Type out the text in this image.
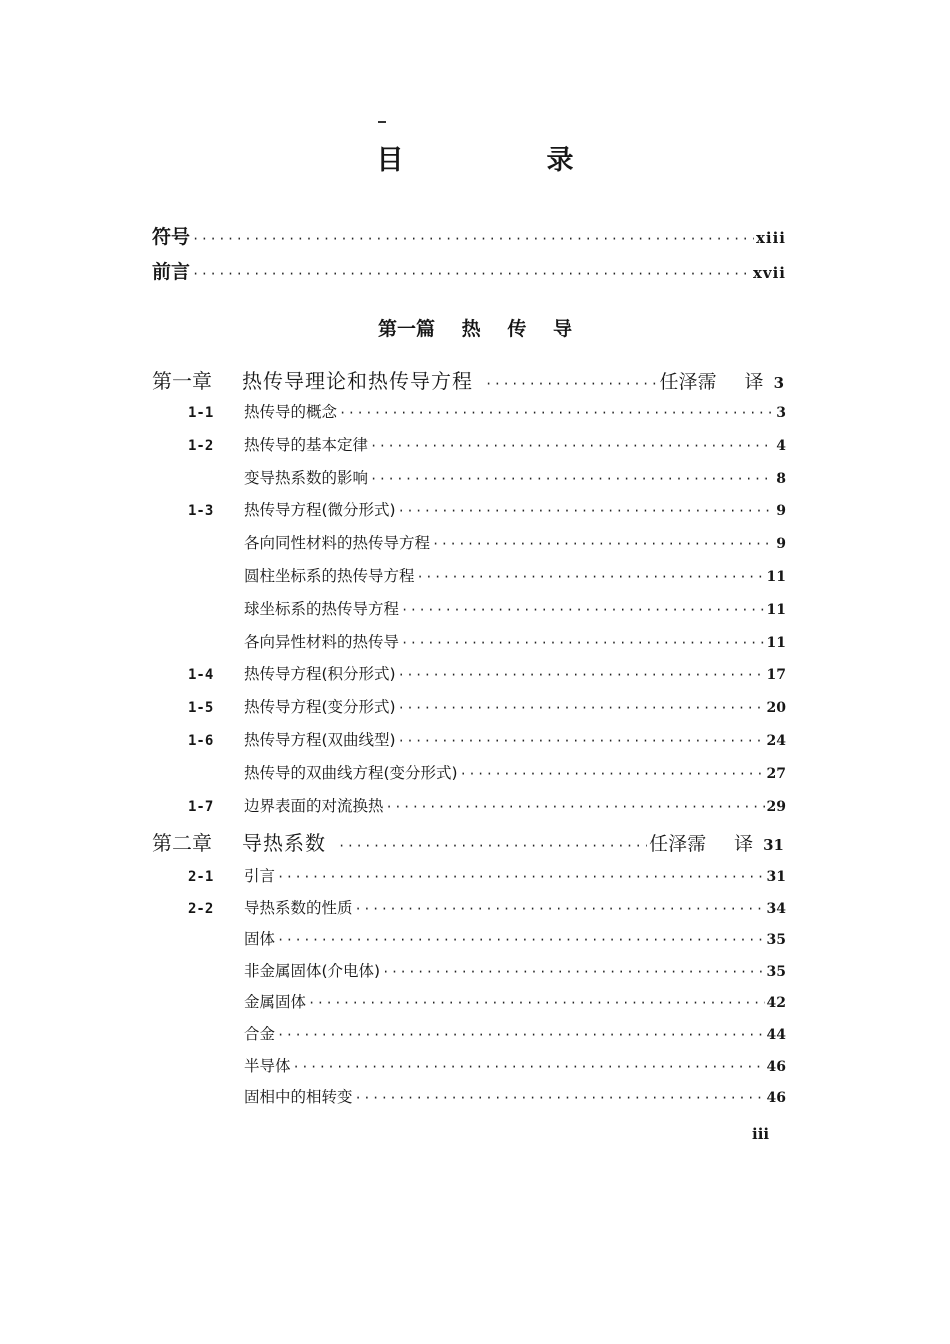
目　录
符号 ·····	xiii
前言 ·····	xvii
第一篇 热 传 导
第一章	热传导理论和热传导方程 ·····	任泽霈 译 3
1-1	热传导的概念 ·····	3
1-2	热传导的基本定律 ·····	4
变导热系数的影响 ·····	8
1-3	热传导方程(微分形式) ·····	9
各向同性材料的热传导方程 ·····	9
圆柱坐标系的热传导方程 ·····	11
球坐标系的热传导方程 ·····	11
各向异性材料的热传导 ·····	11
1-4	热传导方程(积分形式) ·····	17
1-5	热传导方程(变分形式) ·····	20
1-6	热传导方程(双曲线型) ·····	24
热传导的双曲线方程(变分形式) ·····	27
1-7	边界表面的对流换热 ·····	29
第二章	导热系数 ·····	任泽霈 译 31
2-1	引言 ·····	31
2-2	导热系数的性质 ·····	34
固体 ·····	35
非金属固体(介电体) ·····	35
金属固体 ·····	42
合金 ·····	44
半导体 ·····	46
固相中的相转变 ·····	46
iii
